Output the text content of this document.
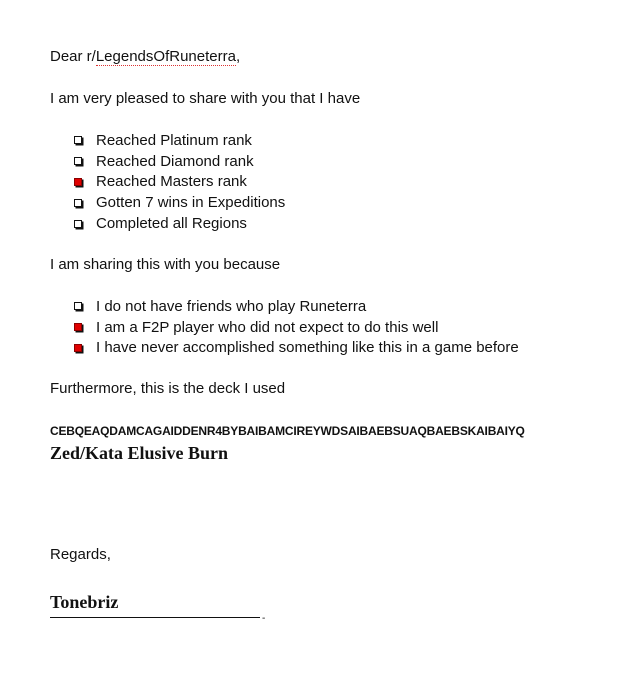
Dear r/LegendsOfRuneterra,
I am very pleased to share with you that I have
Reached Platinum rank
Reached Diamond rank
Reached Masters rank
Gotten 7 wins in Expeditions
Completed all Regions
I am sharing this with you because
I do not have friends who play Runeterra
I am a F2P player who did not expect to do this well
I have never accomplished something like this in a game before
Furthermore, this is the deck I used
CEBQEAQDAMCAGAIDDENR4BYBAIBAMCIREYWDSAIBAEBSUAQBAEBSKAIBAIYQ
Zed/Kata Elusive Burn
Regards,
Tonebriz
-
